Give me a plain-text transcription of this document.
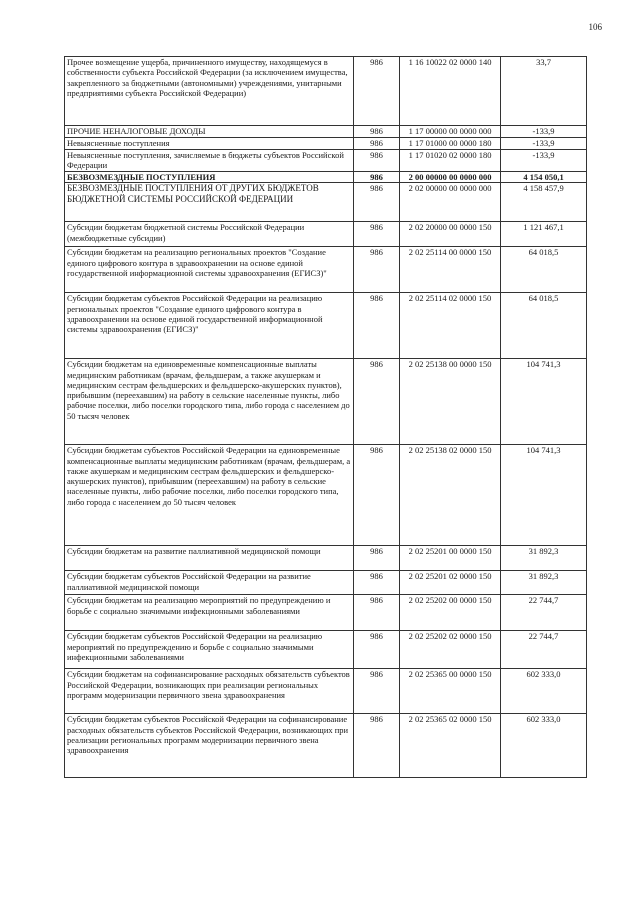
106
Прочее возмещение ущерба, причиненного имуществу, находящемуся в собственности субъекта Российской Федерации (за исключением имущества, закрепленного за бюджетными (автономными) учреждениями, унитарными предприятиями субъекта Российской Федерации)	986	1 16 10022 02 0000 140	33,7
ПРОЧИЕ НЕНАЛОГОВЫЕ ДОХОДЫ	986	1 17 00000 00 0000 000	-133,9
Невыясненные поступления	986	1 17 01000 00 0000 180	-133,9
Невыясненные поступления, зачисляемые в бюджеты субъектов Российской Федерации	986	1 17 01020 02 0000 180	-133,9
БЕЗВОЗМЕЗДНЫЕ ПОСТУПЛЕНИЯ	986	2 00 00000 00 0000 000	4 154 050,1
БЕЗВОЗМЕЗДНЫЕ ПОСТУПЛЕНИЯ ОТ ДРУГИХ БЮДЖЕТОВ БЮДЖЕТНОЙ СИСТЕМЫ РОССИЙСКОЙ ФЕДЕРАЦИИ	986	2 02 00000 00 0000 000	4 158 457,9
Субсидии бюджетам бюджетной системы Российской Федерации (межбюджетные субсидии)	986	2 02 20000 00 0000 150	1 121 467,1
Субсидии бюджетам на реализацию региональных проектов "Создание единого цифрового контура в здравоохранении на основе единой государственной информационной системы здравоохранения (ЕГИСЗ)"	986	2 02 25114 00 0000 150	64 018,5
Субсидии бюджетам субъектов Российской Федерации на реализацию региональных проектов "Создание единого цифрового контура в здравоохранении на основе единой государственной информационной системы здравоохранения (ЕГИСЗ)"	986	2 02 25114 02 0000 150	64 018,5
Субсидии бюджетам на единовременные компенсационные выплаты медицинским работникам (врачам, фельдшерам, а также акушеркам и медицинским сестрам фельдшерских и фельдшерско-акушерских пунктов), прибывшим (переехавшим) на работу в сельские населенные пункты, либо рабочие поселки, либо поселки городского типа, либо города с населением до 50 тысяч человек	986	2 02 25138 00 0000 150	104 741,3
Субсидии бюджетам субъектов Российской Федерации на единовременные компенсационные выплаты медицинским работникам (врачам, фельдшерам, а также акушеркам и медицинским сестрам фельдшерских и фельдшерско-акушерских пунктов), прибывшим (переехавшим) на работу в сельские населенные пункты, либо рабочие поселки, либо поселки городского типа, либо города с населением до 50 тысяч человек	986	2 02 25138 02 0000 150	104 741,3
Субсидии бюджетам на развитие паллиативной медицинской помощи	986	2 02 25201 00 0000 150	31 892,3
Субсидии бюджетам субъектов Российской Федерации на развитие паллиативной медицинской помощи	986	2 02 25201 02 0000 150	31 892,3
Субсидии бюджетам на реализацию мероприятий по предупреждению и борьбе с социально значимыми инфекционными заболеваниями	986	2 02 25202 00 0000 150	22 744,7
Субсидии бюджетам субъектов Российской Федерации на реализацию мероприятий по предупреждению и борьбе с социально значимыми инфекционными заболеваниями	986	2 02 25202 02 0000 150	22 744,7
Субсидии бюджетам на софинансирование расходных обязательств субъектов Российской Федерации, возникающих при реализации региональных программ модернизации первичного звена здравоохранения	986	2 02 25365 00 0000 150	602 333,0
Субсидии бюджетам субъектов Российской Федерации на софинансирование расходных обязательств субъектов Российской Федерации, возникающих при реализации региональных программ модернизации первичного звена здравоохранения	986	2 02 25365 02 0000 150	602 333,0
